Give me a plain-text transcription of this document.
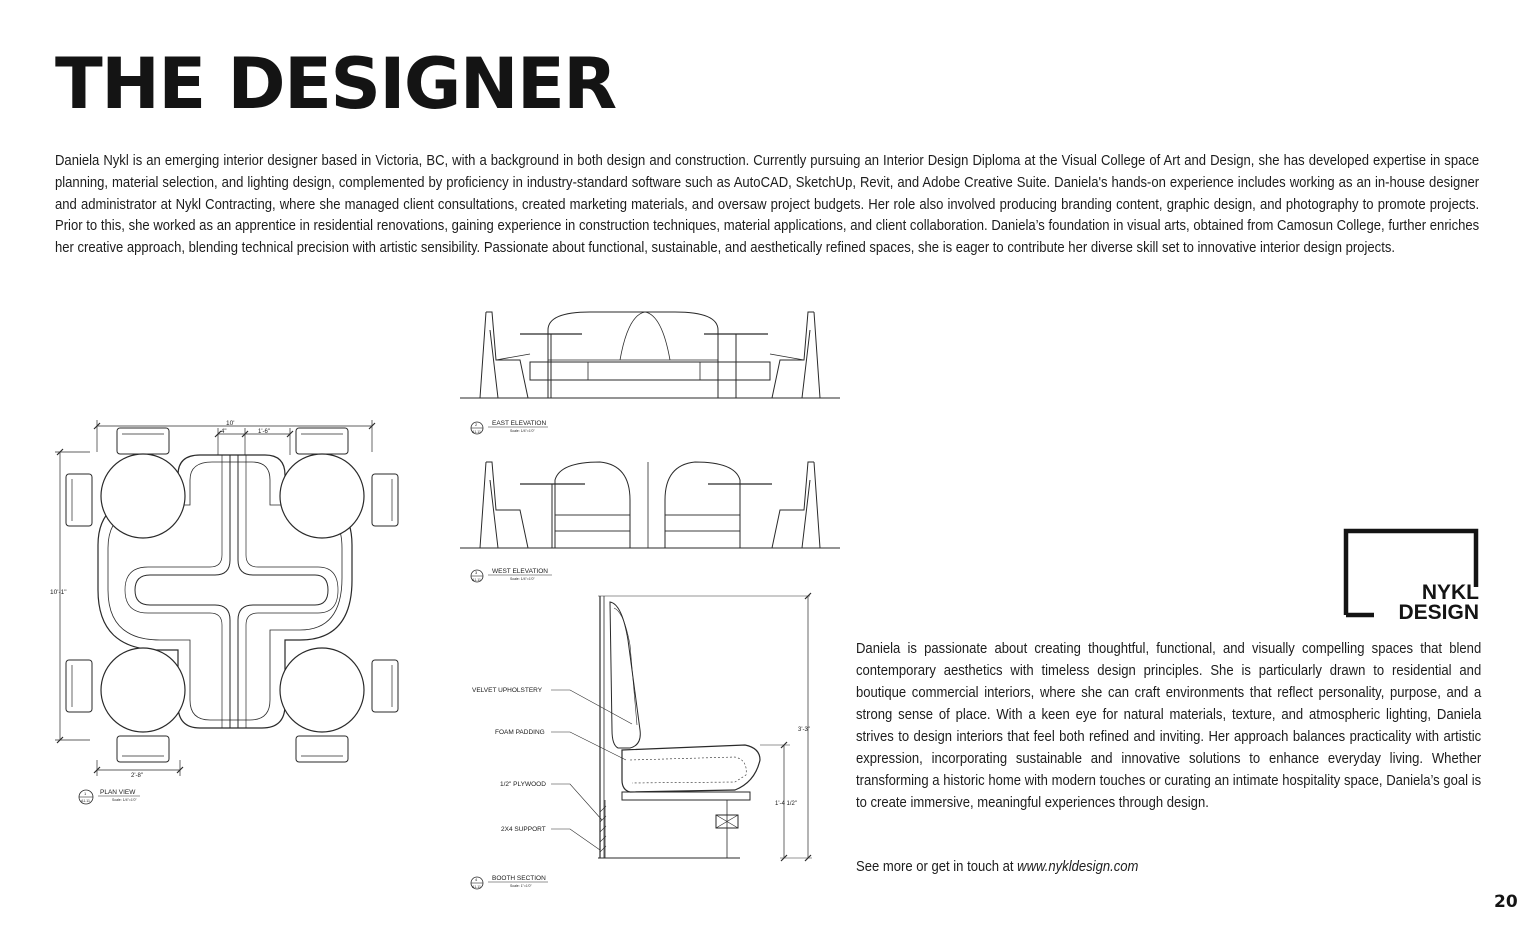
THE DESIGNER

Daniela Nykl is an emerging interior designer based in Victoria, BC, with a background in both design and construction. Currently pursuing an Interior Design Diploma at the Visual College of Art and Design, she has developed expertise in space planning, material selection, and lighting design, complemented by proficiency in industry-standard software such as AutoCAD, SketchUp, Revit, and Adobe Creative Suite. Daniela's hands-on experience includes working as an in-house designer and administrator at Nykl Contracting, where she managed client consultations, created marketing materials, and oversaw project budgets. Her role also involved producing branding content, graphic design, and photography to promote projects. Prior to this, she worked as an apprentice in residential renovations, gaining experience in construction techniques, material applications, and client collaboration. Daniela’s foundation in visual arts, obtained from Camosun College, further enriches her creative approach, blending technical precision with artistic sensibility. Passionate about functional, sustainable, and aesthetically refined spaces, she is eager to contribute her diverse skill set to innovative interior design projects.

10'
4"	1'-6"
10'-1"
2'-8"
PLAN VIEW
Scale: 1/4"=1'0"
1
A1.11
EAST ELEVATION
Scale: 1/4"=1'0"
2
A1.11
WEST ELEVATION
Scale: 1/4"=1'0"
3
A1.11
VELVET UPHOLSTERY
FOAM PADDING
1/2" PLYWOOD
2X4 SUPPORT
3'-3"
1'-4 1/2"
BOOTH SECTION
Scale: 1"=1'0"
4
A1.11
NYKL
DESIGN

Daniela is passionate about creating thoughtful, functional, and visually compelling spaces that blend contemporary aesthetics with timeless design principles. She is particularly drawn to residential and boutique commercial interiors, where she can craft environments that reflect personality, purpose, and a strong sense of place. With a keen eye for natural materials, texture, and atmospheric lighting, Daniela strives to design interiors that feel both refined and inviting. Her approach balances practicality with artistic expression, incorporating sustainable and innovative solutions to enhance everyday living. Whether transforming a historic home with modern touches or curating an intimate hospitality space, Daniela’s goal is to create immersive, meaningful experiences through design.

See more or get in touch at www.nykldesign.com

20
